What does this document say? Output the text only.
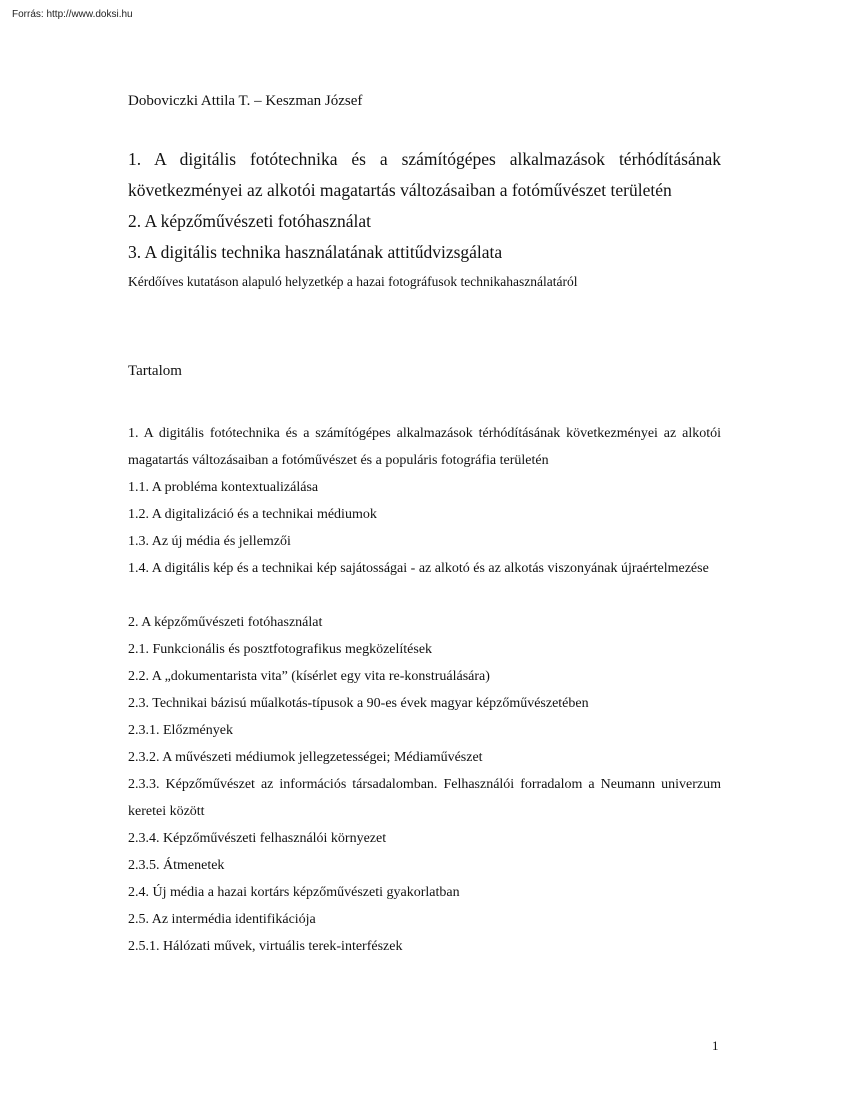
Forrás: http://www.doksi.hu
Doboviczki Attila T. – Keszman József

1. A digitális fotótechnika és a számítógépes alkalmazások térhódításának következményei az alkotói magatartás változásaiban a fotóművészet területén

2. A képzőművészeti fotóhasználat

3. A digitális technika használatának attitűdvizsgálata

Kérdőíves kutatáson alapuló helyzetkép a hazai fotográfusok technikahasználatáról
Tartalom

1. A digitális fotótechnika és a számítógépes alkalmazások térhódításának következményei az alkotói magatartás változásaiban a fotóművészet és a populáris fotográfia területén

1.1. A probléma kontextualizálása

1.2. A digitalizáció és a technikai médiumok

1.3. Az új média és jellemzői

1.4. A digitális kép és a technikai kép sajátosságai - az alkotó és az alkotás viszonyának újraértelmezése

2. A képzőművészeti fotóhasználat

2.1. Funkcionális és posztfotografikus megközelítések

2.2. A „dokumentarista vita” (kísérlet egy vita re-konstruálására)

2.3. Technikai bázisú műalkotás-típusok a 90-es évek magyar képzőművészetében

2.3.1. Előzmények

2.3.2. A művészeti médiumok jellegzetességei; Médiaművészet

2.3.3. Képzőművészet az információs társadalomban. Felhasználói forradalom a Neumann univerzum keretei között

2.3.4. Képzőművészeti felhasználói környezet

2.3.5. Átmenetek

2.4. Új média a hazai kortárs képzőművészeti gyakorlatban

2.5. Az intermédia identifikációja

2.5.1. Hálózati művek, virtuális terek-interfészek

1
